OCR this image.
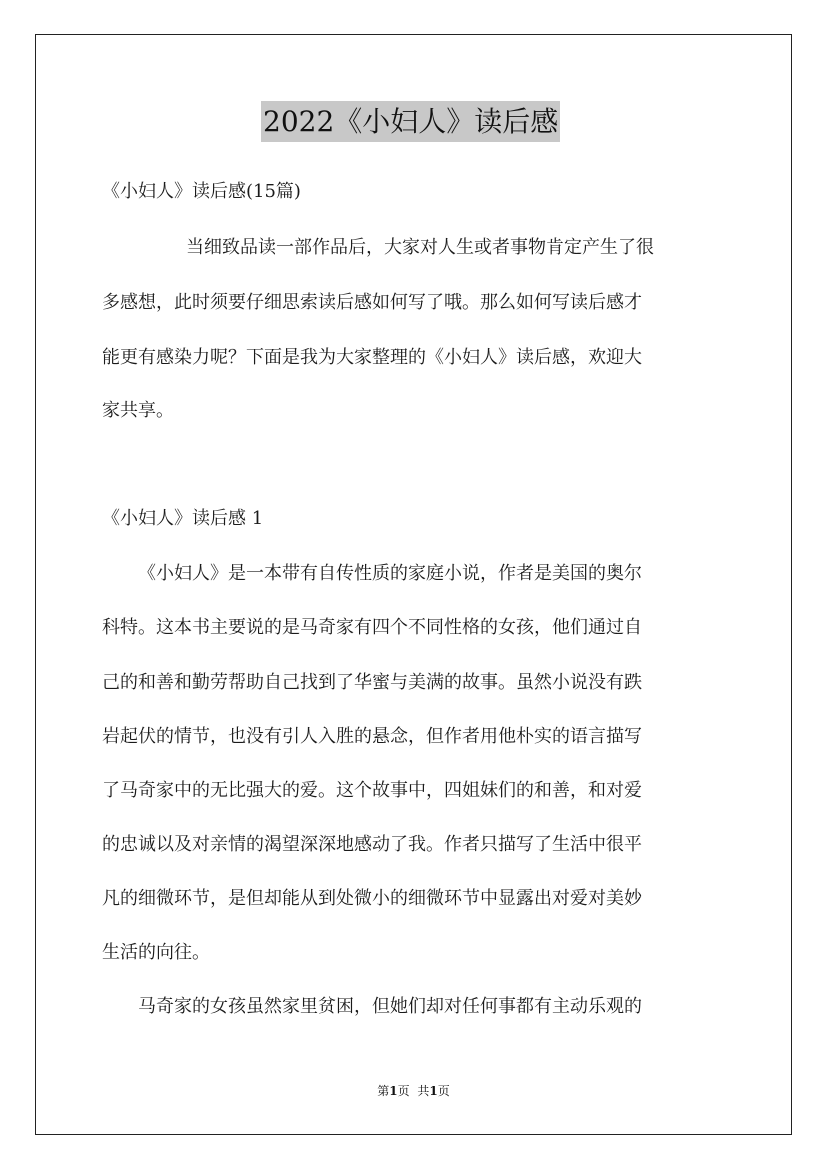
2022《小妇人》读后感
《小妇人》读后感(15篇)
当细致品读一部作品后，大家对人生或者事物肯定产生了很
多感想，此时须要仔细思索读后感如何写了哦。那么如何写读后感才
能更有感染力呢？下面是我为大家整理的《小妇人》读后感，欢迎大
家共享。
《小妇人》读后感 1
《小妇人》是一本带有自传性质的家庭小说，作者是美国的奥尔
科特。这本书主要说的是马奇家有四个不同性格的女孩，他们通过自
己的和善和勤劳帮助自己找到了华蜜与美满的故事。虽然小说没有跌
岩起伏的情节，也没有引人入胜的悬念，但作者用他朴实的语言描写
了马奇家中的无比强大的爱。这个故事中，四姐妹们的和善，和对爱
的忠诚以及对亲情的渴望深深地感动了我。作者只描写了生活中很平
凡的细微环节，是但却能从到处微小的细微环节中显露出对爱对美妙
生活的向往。
马奇家的女孩虽然家里贫困，但她们却对任何事都有主动乐观的
第1页 共1页
